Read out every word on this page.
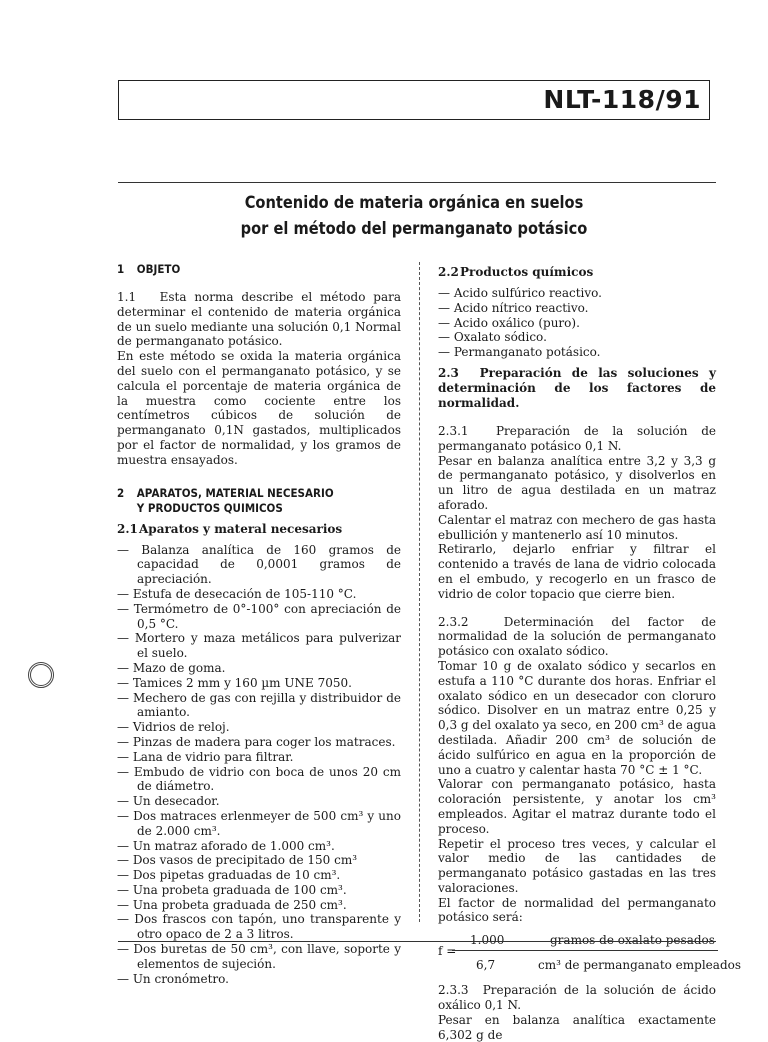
NLT-118/91
Contenido de materia orgánica en suelos
por el método del permanganato potásico
1 OBJETO

1.1 Esta norma describe el método para determinar el contenido de materia orgánica de un suelo mediante una solución 0,1 Normal de permanganato potásico.

En este método se oxida la materia orgánica del suelo con el permanganato potásico, y se calcula el porcentaje de materia orgánica de la muestra como cociente entre los centímetros cúbicos de solución de permanganato 0,1N gastados, multiplicados por el factor de normalidad, y los gramos de muestra ensayados.

2 APARATOS, MATERIAL NECESARIO
Y PRODUCTOS QUIMICOS
2.1Aparatos y materal necesarios

— Balanza analítica de 160 gramos de capacidad de 0,0001 gramos de apreciación.

— Estufa de desecación de 105-110 °C.

— Termómetro de 0°-100° con apreciación de 0,5 °C.

— Mortero y maza metálicos para pulverizar el suelo.

— Mazo de goma.

— Tamices 2 mm y 160 µm UNE 7050.

— Mechero de gas con rejilla y distribuidor de amianto.

— Vidrios de reloj.

— Pinzas de madera para coger los matraces.

— Lana de vidrio para filtrar.

— Embudo de vidrio con boca de unos 20 cm de diámetro.

— Un desecador.

— Dos matraces erlenmeyer de 500 cm³ y uno de 2.000 cm³.

— Un matraz aforado de 1.000 cm³.

— Dos vasos de precipitado de 150 cm³

— Dos pipetas graduadas de 10 cm³.

— Una probeta graduada de 100 cm³.

— Una probeta graduada de 250 cm³.

— Dos frascos con tapón, uno transparente y otro opaco de 2 a 3 litros.

— Dos buretas de 50 cm³, con llave, soporte y elementos de sujeción.

— Un cronómetro.

2.2Productos químicos

— Acido sulfúrico reactivo.

— Acido nítrico reactivo.

— Acido oxálico (puro).

— Oxalato sódico.

— Permanganato potásico.

2.3 Preparación de las soluciones y determinación de los factores de normalidad.

2.3.1 Preparación de la solución de permanganato potásico 0,1 N.

Pesar en balanza analítica entre 3,2 y 3,3 g de permanganato potásico, y disolverlos en un litro de agua destilada en un matraz aforado.

Calentar el matraz con mechero de gas hasta ebullición y mantenerlo así 10 minutos.

Retirarlo, dejarlo enfriar y filtrar el contenido a través de lana de vidrio colocada en el embudo, y recogerlo en un frasco de vidrio de color topacio que cierre bien.

2.3.2	Determinación del factor de normalidad de la solución de permanganato potásico con oxalato sódico.

Tomar 10 g de oxalato sódico y secarlos en estufa a 110 °C durante dos horas. Enfriar el oxalato sódico en un desecador con cloruro sódico. Disolver en un matraz entre 0,25 y 0,3 g del oxalato ya seco, en 200 cm³ de agua destilada. Añadir 200 cm³ de solución de ácido sulfúrico en agua en la proporción de uno a cuatro y calentar hasta 70 °C ± 1 °C.

Valorar con permanganato potásico, hasta coloración persistente, y anotar los cm³ empleados. Agitar el matraz durante todo el proceso.

Repetir el proceso tres veces, y calcular el valor medio de las cantidades de permanganato potásico gastadas en las tres valoraciones.

El factor de normalidad del permanganato potásico será:

1.000	gramos de oxalato pesados
f =
6,7	cm³ de permanganato empleados

2.3.3 Preparación de la solución de ácido oxálico 0,1 N.

Pesar en balanza analítica exactamente 6,302 g de
